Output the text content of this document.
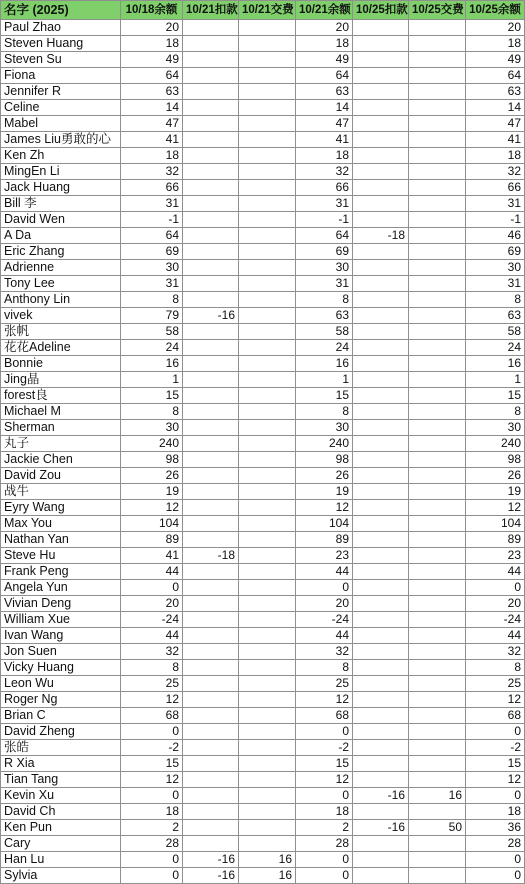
名字 (2025)	10/18余额	10/21扣款	10/21交费	10/21余额	10/25扣款	10/25交费	10/25余额
Paul Zhao	20			20			20
Steven Huang	18			18			18
Steven Su	49			49			49
Fiona	64			64			64
Jennifer R	63			63			63
Celine	14			14			14
Mabel	47			47			47
James Liu勇敢的心	41			41			41
Ken Zh	18			18			18
MingEn Li	32			32			32
Jack Huang	66			66			66
Bill 李	31			31			31
David Wen	-1			-1			-1
A Da	64			64	-18		46
Eric Zhang	69			69			69
Adrienne	30			30			30
Tony Lee	31			31			31
Anthony Lin	8			8			8
vivek	79	-16		63			63
张帆	58			58			58
花花Adeline	24			24			24
Bonnie	16			16			16
Jing晶	1			1			1
forest良	15			15			15
Michael M	8			8			8
Sherman	30			30			30
丸子	240			240			240
Jackie Chen	98			98			98
David Zou	26			26			26
战牛	19			19			19
Eyry Wang	12			12			12
Max You	104			104			104
Nathan Yan	89			89			89
Steve Hu	41	-18		23			23
Frank Peng	44			44			44
Angela Yun	0			0			0
Vivian Deng	20			20			20
William Xue	-24			-24			-24
Ivan Wang	44			44			44
Jon Suen	32			32			32
Vicky Huang	8			8			8
Leon Wu	25			25			25
Roger Ng	12			12			12
Brian C	68			68			68
David Zheng	0			0			0
张皓	-2			-2			-2
R Xia	15			15			15
Tian Tang	12			12			12
Kevin Xu	0			0	-16	16	0
David Ch	18			18			18
Ken Pun	2			2	-16	50	36
Cary	28			28			28
Han Lu	0	-16	16	0			0
Sylvia	0	-16	16	0			0
